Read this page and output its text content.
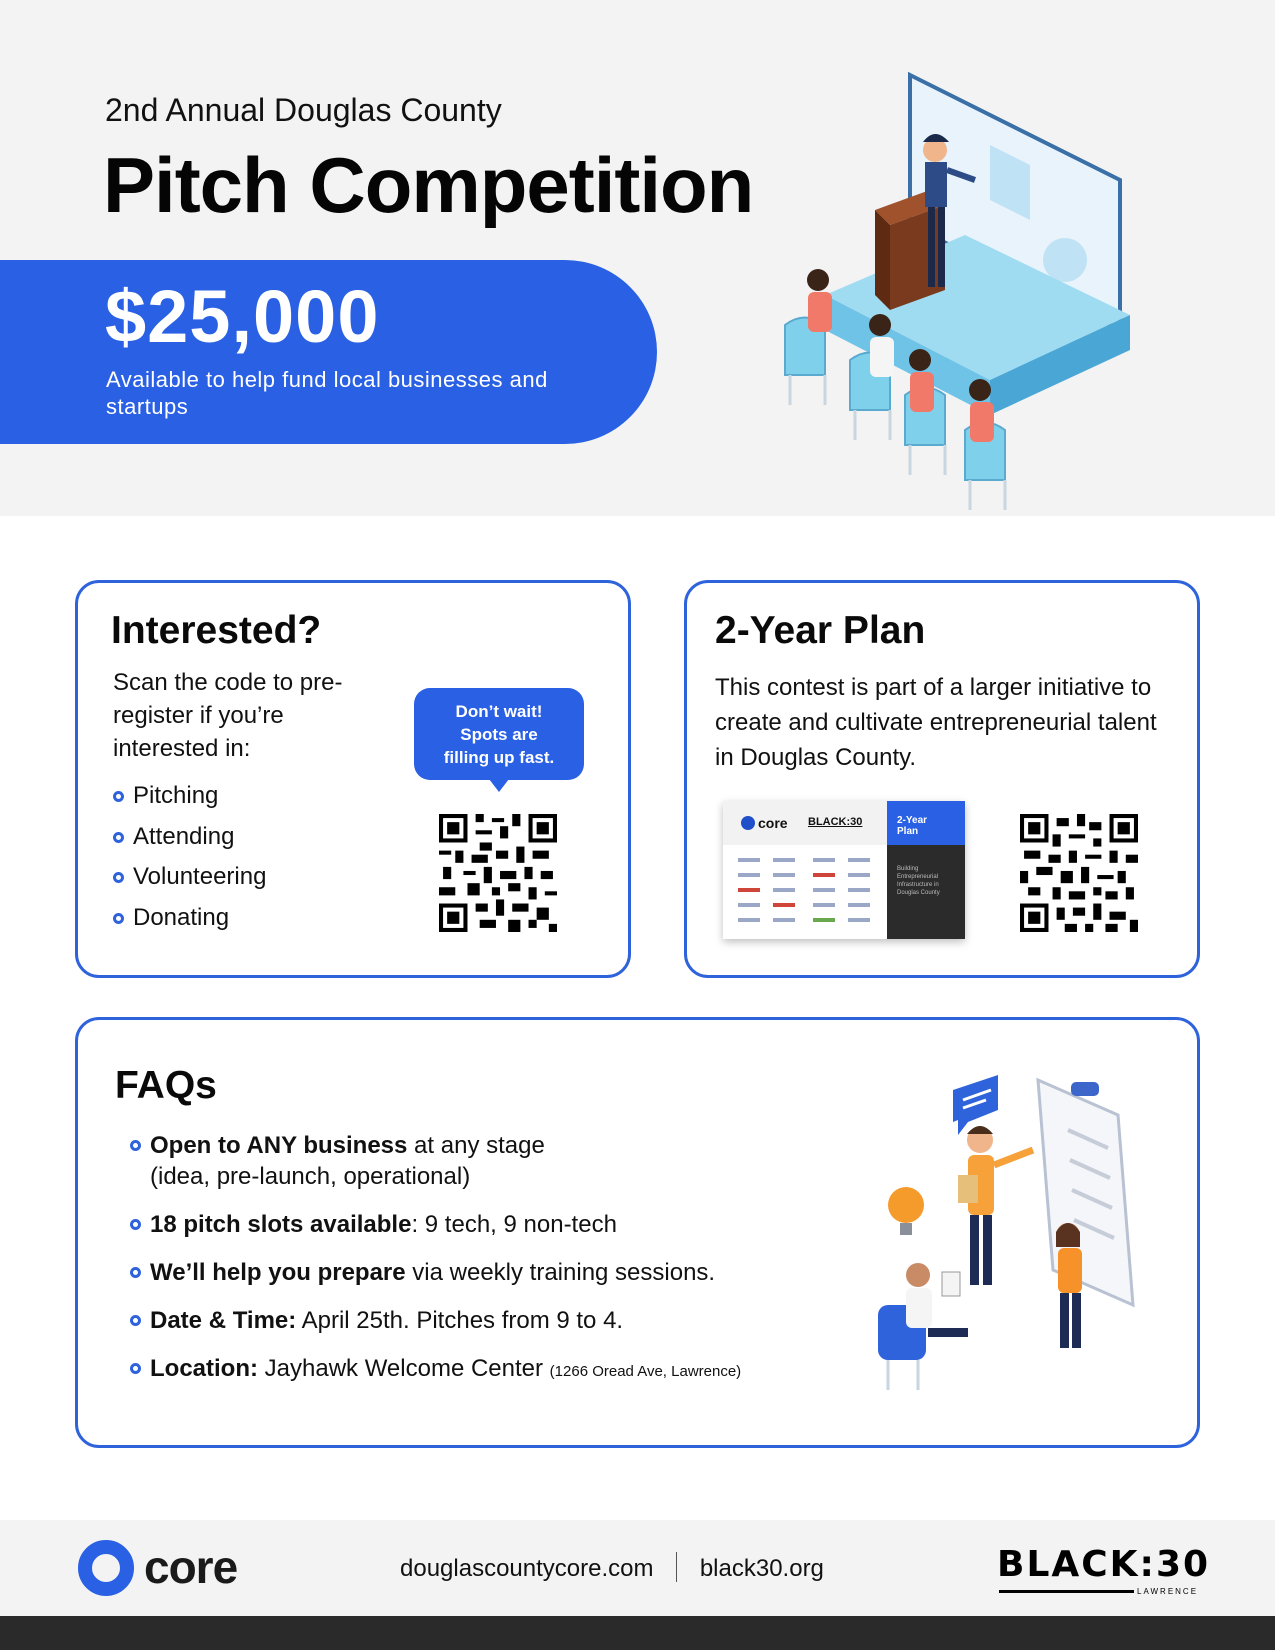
2nd Annual Douglas County
Pitch Competition
$25,000
Available to help fund local businesses and startups
Interested?

Scan the code to pre-register if you’re interested in:

Pitching
Attending
Volunteering
Donating
Don’t wait!
Spots are
filling up fast.
2-Year Plan

This contest is part of a larger initiative to create and cultivate entrepreneurial talent in Douglas County.

core BLACK:30	2-Year
Plan
Building Entrepreneurial Infrastructure in Douglas County
FAQs
Open to ANY business at any stage
(idea, pre-launch, operational)
18 pitch slots available: 9 tech, 9 non-tech
We’ll help you prepare via weekly training sessions.
Date & Time: April 25th. Pitches from 9 to 4.
Location: Jayhawk Welcome Center (1266 Oread Ave, Lawrence)
core	douglascountycore.com black30.org	BLACK:30
LAWRENCE
